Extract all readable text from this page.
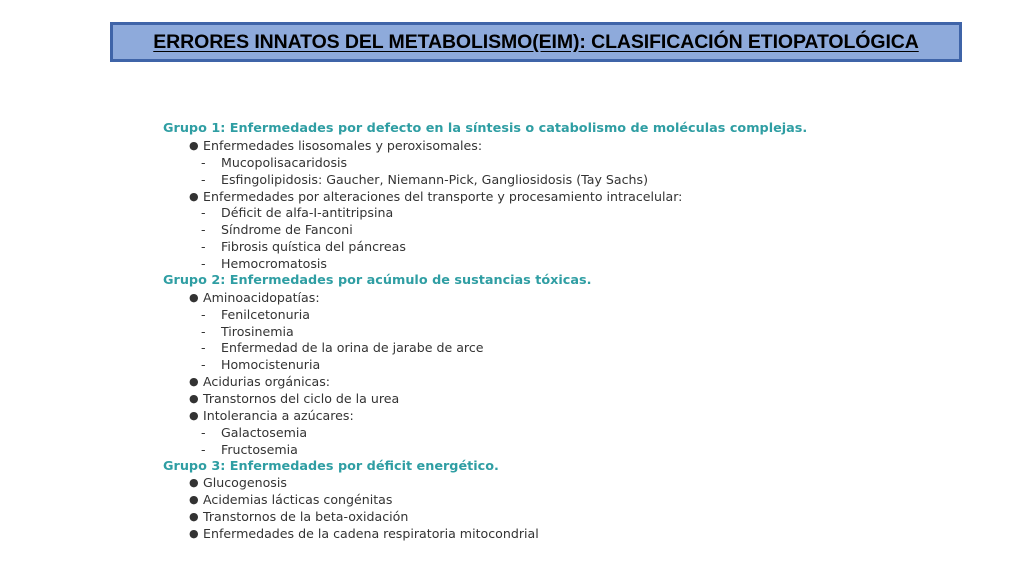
ERRORES INNATOS DEL METABOLISMO(EIM): CLASIFICACIÓN ETIOPATOLÓGICA
Grupo 1: Enfermedades por defecto en la síntesis o catabolismo de moléculas complejas.
● Enfermedades lisosomales y peroxisomales:
- Mucopolisacaridosis
- Esfingolipidosis: Gaucher, Niemann-Pick, Gangliosidosis (Tay Sachs)
● Enfermedades por alteraciones del transporte y procesamiento intracelular:
- Déficit de alfa-I-antitripsina
- Síndrome de Fanconi
- Fibrosis quística del páncreas
- Hemocromatosis
Grupo 2: Enfermedades por acúmulo de sustancias tóxicas.
● Aminoacidopatías:
- Fenilcetonuria
- Tirosinemia
- Enfermedad de la orina de jarabe de arce
- Homocistenuria
● Acidurias orgánicas:
● Transtornos del ciclo de la urea
● Intolerancia a azúcares:
- Galactosemia
- Fructosemia
Grupo 3: Enfermedades por déficit energético.
● Glucogenosis
● Acidemias lácticas congénitas
● Transtornos de la beta-oxidación
● Enfermedades de la cadena respiratoria mitocondrial
